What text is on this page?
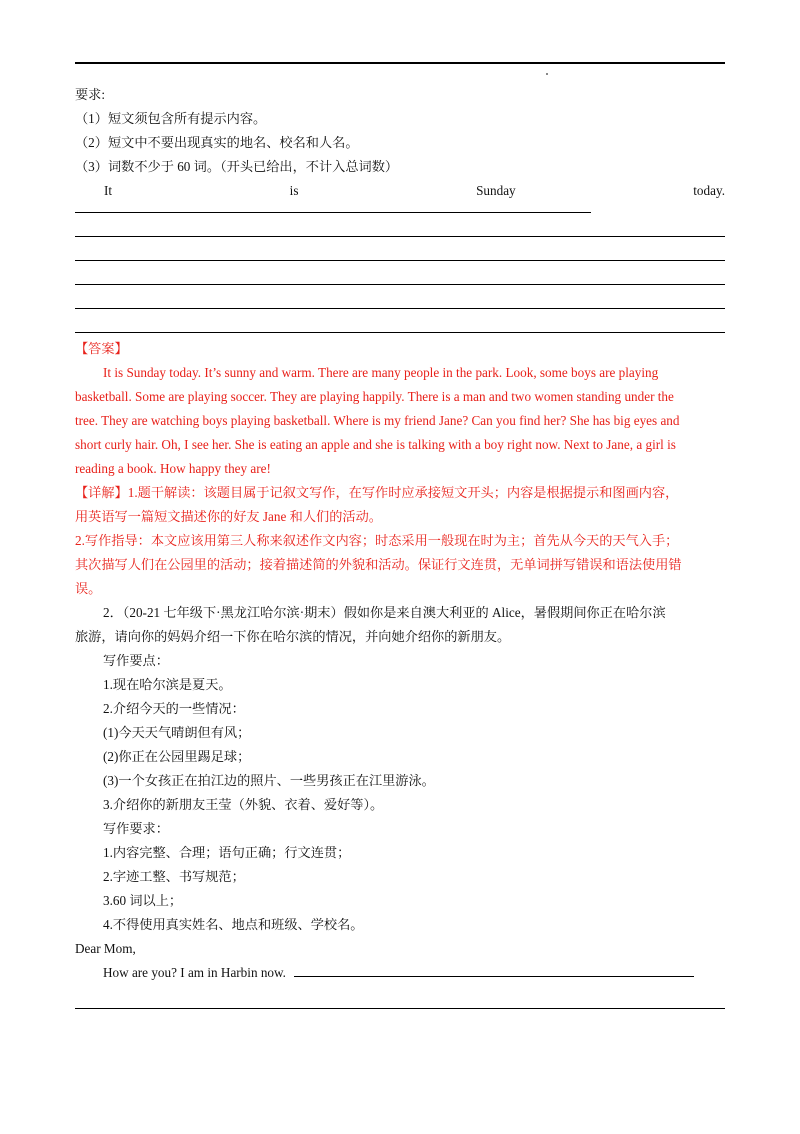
要求:
（1）短文须包含所有提示内容。
（2）短文中不要出现真实的地名、校名和人名。
（3）词数不少于 60 词。（开头已给出，不计入总词数）
It	is	Sunday	today.
【答案】
It is Sunday today. It’s sunny and warm. There are many people in the park. Look, some boys are playing
basketball. Some are playing soccer. They are playing happily. There is a man and two women standing under the
tree. They are watching boys playing basketball. Where is my friend Jane? Can you find her? She has big eyes and
short curly hair. Oh, I see her. She is eating an apple and she is talking with a boy right now. Next to Jane, a girl is
reading a book. How happy they are!
【详解】1.题干解读：该题目属于记叙文写作，在写作时应承接短文开头；内容是根据提示和图画内容，
用英语写一篇短文描述你的好友 Jane 和人们的活动。
2.写作指导：本文应该用第三人称来叙述作文内容；时态采用一般现在时为主；首先从今天的天气入手；
其次描写人们在公园里的活动；接着描述简的外貌和活动。保证行文连贯，无单词拼写错误和语法使用错
误。
2．（20-21 七年级下·黑龙江哈尔滨·期末）假如你是来自澳大利亚的 Alice，暑假期间你正在哈尔滨
旅游，请向你的妈妈介绍一下你在哈尔滨的情况，并向她介绍你的新朋友。
写作要点：
1.现在哈尔滨是夏天。
2.介绍今天的一些情况：
(1)今天天气晴朗但有风；
(2)你正在公园里踢足球；
(3)一个女孩正在拍江边的照片、一些男孩正在江里游泳。
3.介绍你的新朋友王莹（外貌、衣着、爱好等）。
写作要求：
1.内容完整、合理；语句正确；行文连贯；
2.字迹工整、书写规范；
3.60 词以上；
4.不得使用真实姓名、地点和班级、学校名。
Dear Mom,
How are you? I am in Harbin now.
